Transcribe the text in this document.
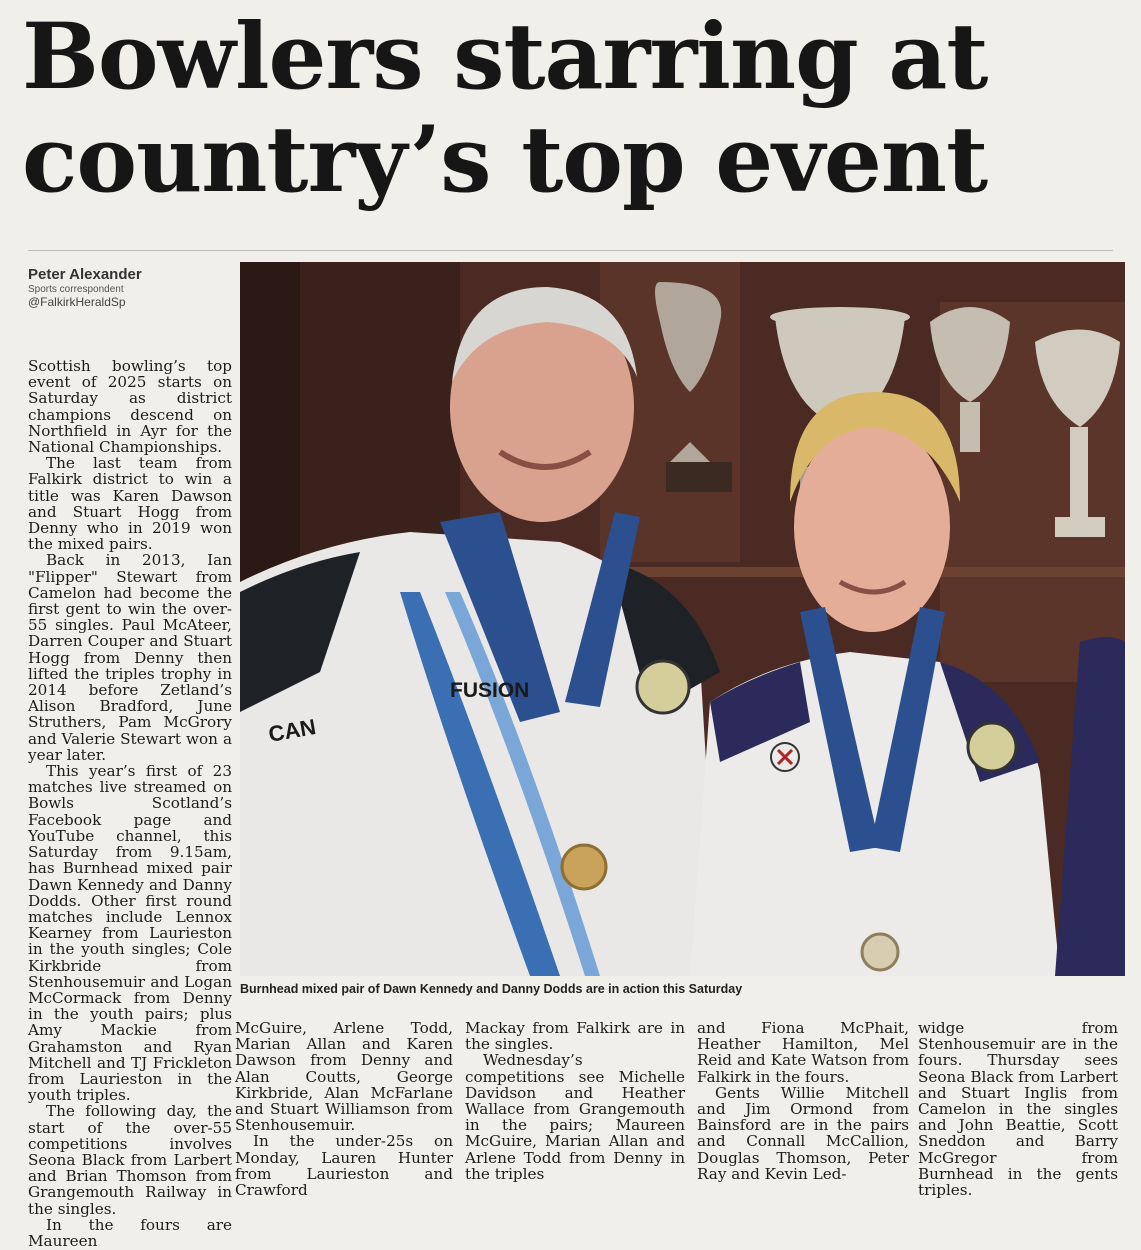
Bowlers starring at
country’s top event
Peter Alexander
Sports correspondent
@FalkirkHeraldSp

Scottish bowling’s top event of 2025 starts on Saturday as district champions descend on Northfield in Ayr for the National Championships.

The last team from Falkirk district to win a title was Karen Dawson and Stuart Hogg from Denny who in 2019 won the mixed pairs.

Back in 2013, Ian "Flipper" Stewart from Camelon had become the first gent to win the over-55 singles. Paul McAteer, Darren Couper and Stuart Hogg from Denny then lifted the triples trophy in 2014 before Zetland’s Alison Bradford, June Struthers, Pam McGrory and Valerie Stewart won a year later.

This year’s first of 23 matches live streamed on Bowls Scotland’s Facebook page and YouTube channel, this Saturday from 9.15am, has Burnhead mixed pair Dawn Kennedy and Danny Dodds. Other first round matches include Lennox Kearney from Laurieston in the youth singles; Cole Kirkbride from Stenhousemuir and Logan McCormack from Denny in the youth pairs; plus Amy Mackie from Grahamston and Ryan Mitchell and TJ Frickleton from Laurieston in the youth triples.

The following day, the start of the over-55 competitions involves Seona Black from Larbert and Brian Thomson from Grangemouth Railway in the singles.

In the fours are Maureen

FUSION
CAN
Burnhead mixed pair of Dawn Kennedy and Danny Dodds are in action this Saturday

McGuire, Arlene Todd, Marian Allan and Karen Dawson from Denny and Alan Coutts, George Kirkbride, Alan McFarlane and Stuart Williamson from Stenhousemuir.

In the under-25s on Monday, Lauren Hunter from Laurieston and Crawford

Mackay from Falkirk are in the singles.

Wednesday’s competitions see Michelle Davidson and Heather Wallace from Grangemouth in the pairs; Maureen McGuire, Marian Allan and Arlene Todd from Denny in the triples

and Fiona McPhait, Heather Hamilton, Mel Reid and Kate Watson from Falkirk in the fours.

Gents Willie Mitchell and Jim Ormond from Bainsford are in the pairs and Connall McCallion, Douglas Thomson, Peter Ray and Kevin Led-

widge from Stenhousemuir are in the fours. Thursday sees Seona Black from Larbert and Stuart Inglis from Camelon in the singles and John Beattie, Scott Sneddon and Barry McGregor from Burnhead in the gents triples.
